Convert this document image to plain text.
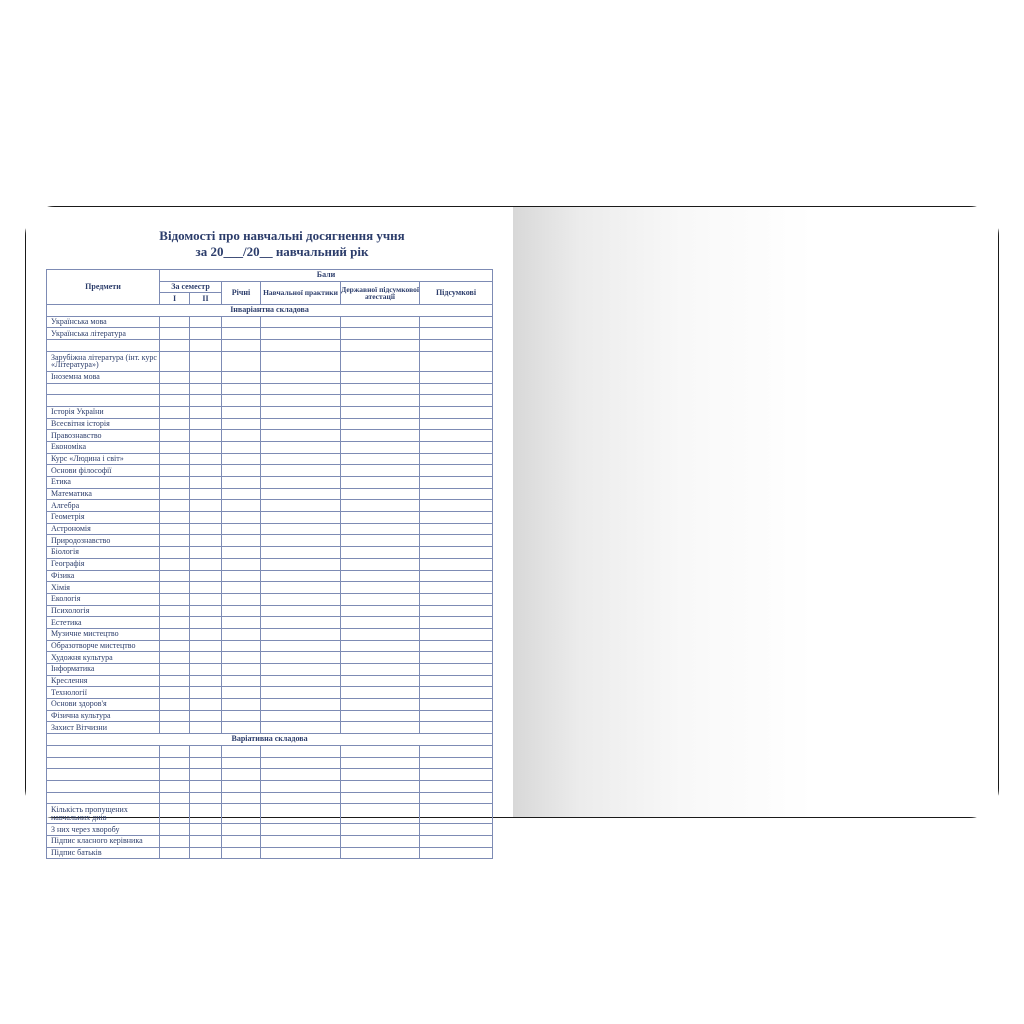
Відомості про навчальні досягнення учня
за 20___/20__ навчальний рік
Предмети	Бали					
	За семестр		Річні	Навчальної практики	Державної підсумкової атестації	Підсумкові
	I	II				
Інваріантна складова						
Українська мова						
Українська література						

Зарубіжна література (інт. курс «Література»)						
Іноземна мова						

Історія України						
Всесвітня історія						
Правознавство						
Економіка						
Курс «Людина і світ»						
Основи філософії						
Етика						
Математика						
Алгебра						
Геометрія						
Астрономія						
Природознавство						
Біологія						
Географія						
Фізика						
Хімія						
Екологія						
Психологія						
Естетика						
Музичне мистецтво						
Образотворче мистецтво						
Художня культура						
Інформатика						
Креслення						
Технології						
Основи здоров'я						
Фізична культура						
Захист Вітчизни						
Варіативна складова						

Кількість пропущених навчальних днів						
З них через хворобу						
Підпис класного керівника						
Підпис батьків						
